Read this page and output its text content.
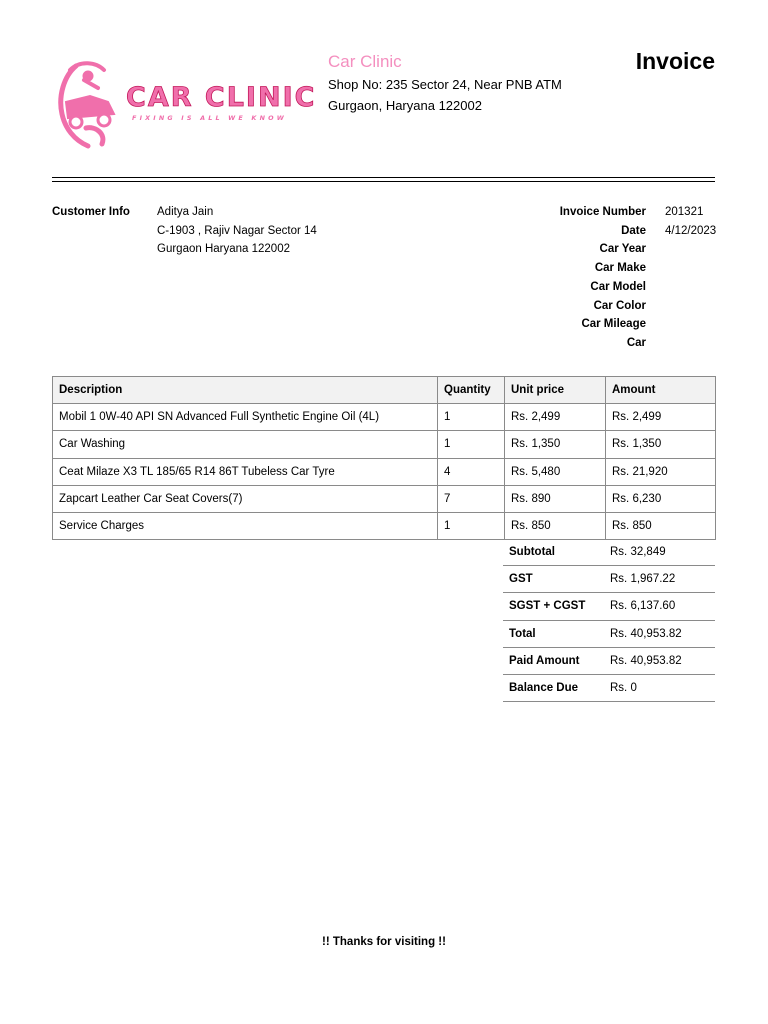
CAR CLINIC
FIXING IS ALL WE KNOW
Car Clinic
Shop No: 235 Sector 24, Near PNB ATM
Gurgaon, Haryana 122002
Invoice
Customer Info Aditya Jain
C-1903 , Rajiv Nagar Sector 14
Gurgaon Haryana 122002
Invoice Number	201321
Date	4/12/2023
Car Year
Car Make
Car Model
Car Color
Car Mileage
Car
Description	Quantity	Unit price	Amount
Mobil 1 0W-40 API SN Advanced Full Synthetic Engine Oil (4L)	1	Rs. 2,499	Rs. 2,499
Car Washing	1	Rs. 1,350	Rs. 1,350
Ceat Milaze X3 TL 185/65 R14 86T Tubeless Car Tyre	4	Rs. 5,480	Rs. 21,920
Zapcart Leather Car Seat Covers(7)	7	Rs. 890	Rs. 6,230
Service Charges	1	Rs. 850	Rs. 850
Subtotal	Rs. 32,849
GST	Rs. 1,967.22
SGST + CGST	Rs. 6,137.60
Total	Rs. 40,953.82
Paid Amount	Rs. 40,953.82
Balance Due	Rs. 0
!! Thanks for visiting !!
